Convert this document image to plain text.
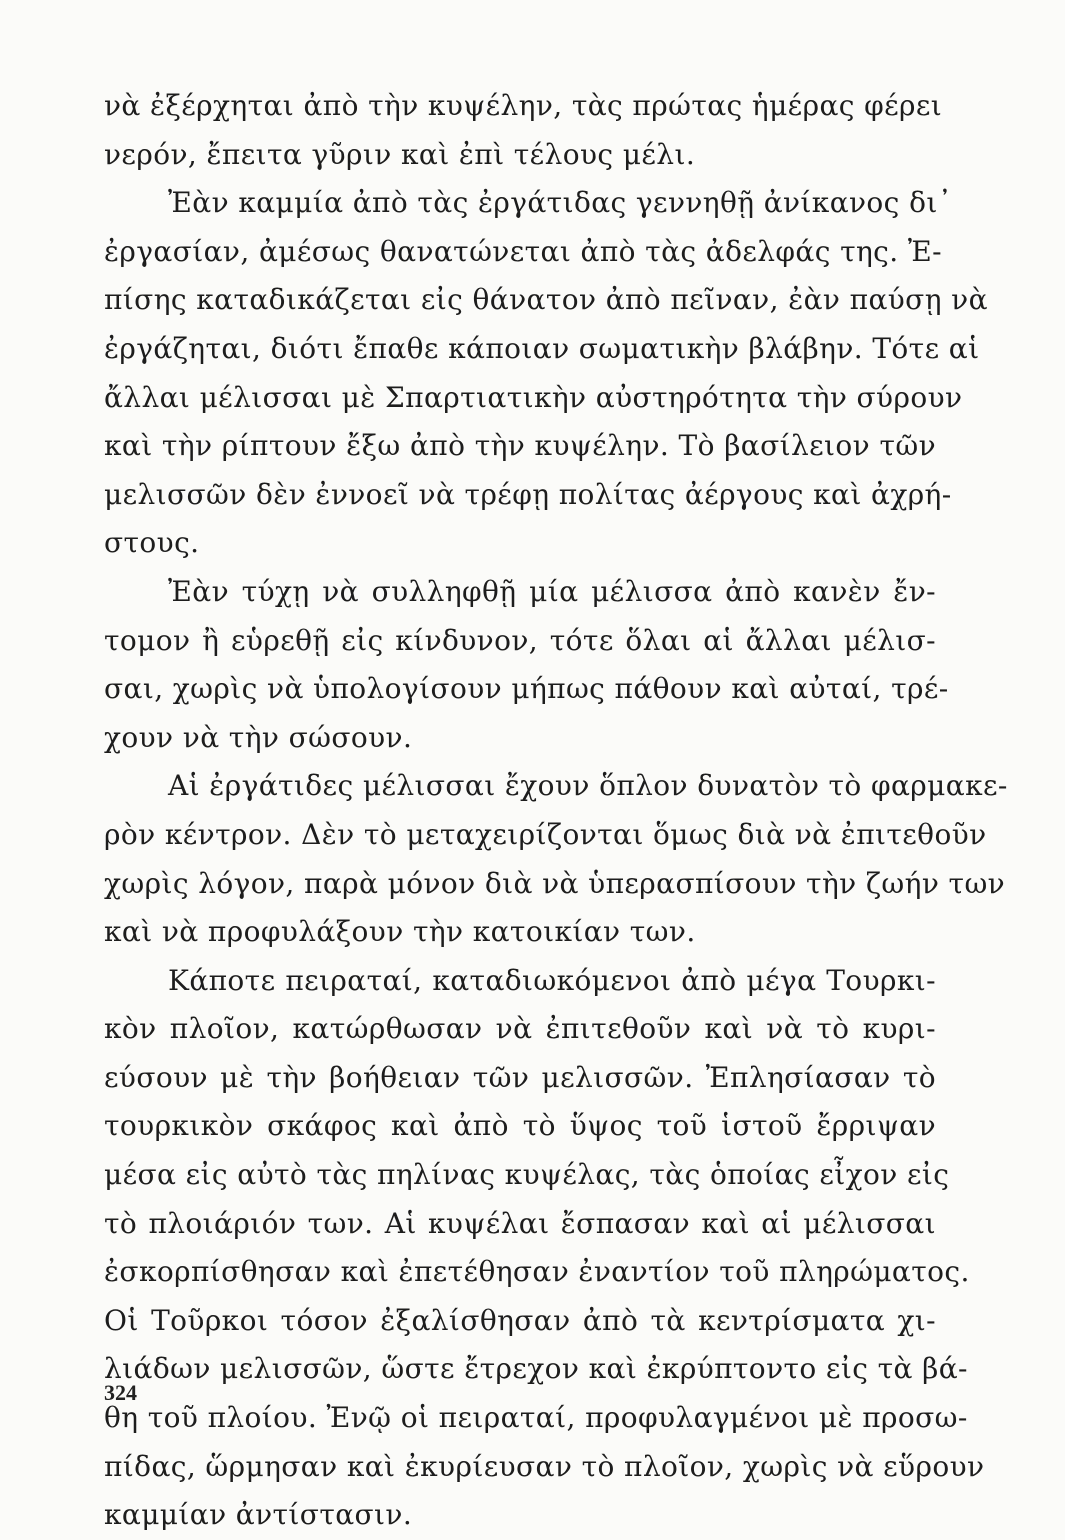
νὰ ἐξέρχηται ἀπὸ τὴν κυψέλην, τὰς πρώτας ἡμέρας φέρει
νερόν, ἔπειτα γῦριν καὶ ἐπὶ τέλους μέλι.
Ἐὰν καμμία ἀπὸ τὰς ἐργάτιδας γεννηθῇ ἀνίκανος δι᾿
ἐργασίαν, ἀμέσως θανατώνεται ἀπὸ τὰς ἀδελφάς της. Ἐ-
πίσης καταδικάζεται εἰς θάνατον ἀπὸ πεῖναν, ἐὰν παύσῃ νὰ
ἐργάζηται, διότι ἔπαθε κάποιαν σωματικὴν βλάβην. Τότε αἱ
ἄλλαι μέλισσαι μὲ Σπαρτιατικὴν αὐστηρότητα τὴν σύρουν
καὶ τὴν ρίπτουν ἔξω ἀπὸ τὴν κυψέλην. Τὸ βασίλειον τῶν
μελισσῶν δὲν ἐννοεῖ νὰ τρέφῃ πολίτας ἀέργους καὶ ἀχρή-
στους.
Ἐὰν τύχῃ νὰ συλληφθῇ μία μέλισσα ἀπὸ κανὲν ἔν-
τομον ἢ εὑρεθῇ εἰς κίνδυνον, τότε ὅλαι αἱ ἄλλαι μέλισ-
σαι, χωρὶς νὰ ὑπολογίσουν μήπως πάθουν καὶ αὐταί, τρέ-
χουν νὰ τὴν σώσουν.
Αἱ ἐργάτιδες μέλισσαι ἔχουν ὅπλον δυνατὸν τὸ φαρμακε-
ρὸν κέντρον. Δὲν τὸ μεταχειρίζονται ὅμως διὰ νὰ ἐπιτεθοῦν
χωρὶς λόγον, παρὰ μόνον διὰ νὰ ὑπερασπίσουν τὴν ζωήν των
καὶ νὰ προφυλάξουν τὴν κατοικίαν των.
Κάποτε πειραταί, καταδιωκόμενοι ἀπὸ μέγα Τουρκι-
κὸν πλοῖον, κατώρθωσαν νὰ ἐπιτεθοῦν καὶ νὰ τὸ κυρι-
εύσουν μὲ τὴν βοήθειαν τῶν μελισσῶν. Ἐπλησίασαν τὸ
τουρκικὸν σκάφος καὶ ἀπὸ τὸ ὕψος τοῦ ἱστοῦ ἔρριψαν
μέσα εἰς αὐτὸ τὰς πηλίνας κυψέλας, τὰς ὁποίας εἶχον εἰς
τὸ πλοιάριόν των. Αἱ κυψέλαι ἔσπασαν καὶ αἱ μέλισσαι
ἐσκορπίσθησαν καὶ ἐπετέθησαν ἐναντίον τοῦ πληρώματος.
Οἱ Τοῦρκοι τόσον ἐξαλίσθησαν ἀπὸ τὰ κεντρίσματα χι-
λιάδων μελισσῶν, ὥστε ἔτρεχον καὶ ἐκρύπτοντο εἰς τὰ βά-
θη τοῦ πλοίου. Ἐνῷ οἱ πειραταί, προφυλαγμένοι μὲ προσω-
πίδας, ὥρμησαν καὶ ἐκυρίευσαν τὸ πλοῖον, χωρὶς νὰ εὕρουν
καμμίαν ἀντίστασιν.
324
